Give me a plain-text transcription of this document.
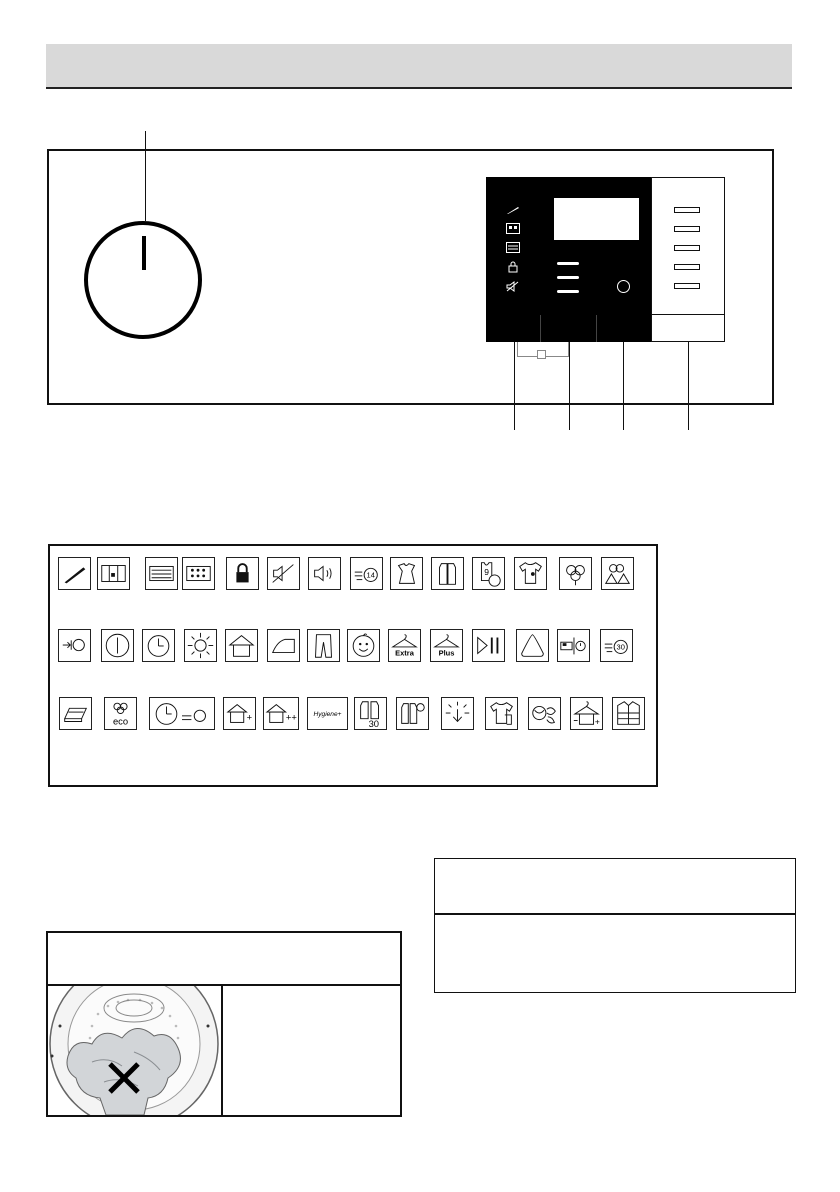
14	9
Extra	Plus
30
eco	+	++ Hygiene+
30	+
